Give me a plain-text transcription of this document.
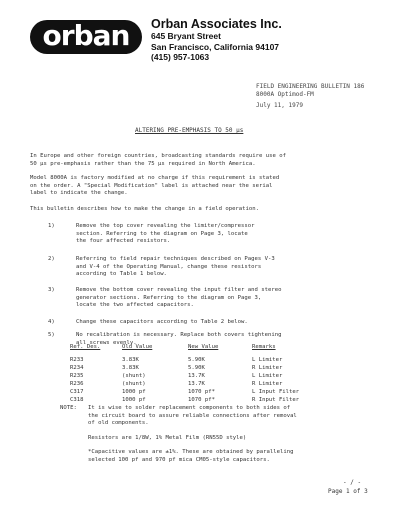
orban	Orban Associates Inc.
645 Bryant Street
San Francisco, California 94107
(415) 957-1063
FIELD ENGINEERING BULLETIN 186
8000A Optimod-FM
July 11, 1979
ALTERING PRE-EMPHASIS TO 50 µs
In Europe and other foreign countries, broadcasting standards require use of
50 µs pre-emphasis rather than the 75 µs required in North America.
Model 8000A is factory modified at no charge if this requirement is stated
on the order. A "Special Modification" label is attached near the serial
label to indicate the change.
This bulletin describes how to make the change in a field operation.
1)	Remove the top cover revealing the limiter/compressor
section. Referring to the diagram on Page 3, locate
the four affected resistors.
2)	Referring to field repair techniques described on Pages V-3
and V-4 of the Operating Manual, change these resistors
according to Table 1 below.
3)	Remove the bottom cover revealing the input filter and stereo
generator sections. Referring to the diagram on Page 3,
locate the two affected capacitors.
4)	Change these capacitors according to Table 2 below.
5)	No recalibration is necessary. Replace both covers tightening
all screws evenly.
Ref. Des.	Old Value	New Value	Remarks
R233	3.83K	5.90K	L Limiter
R234	3.83K	5.90K	R Limiter
R235	(shunt)	13.7K	L Limiter
R236	(shunt)	13.7K	R Limiter
C317	1000 pf	1070 pf*	L Input Filter
C318	1000 pf	1070 pf*	R Input Filter
NOTE: It is wise to solder replacement components to both sides of
the circuit board to assure reliable connections after removal
of old components.
Resistors are 1/8W, 1% Metal Film (RN55D style)
*Capacitive values are ±1%. These are obtained by paralleling
selected 100 pf and 970 pf mica CM05-style capacitors.
- / -
Page 1 of 3
